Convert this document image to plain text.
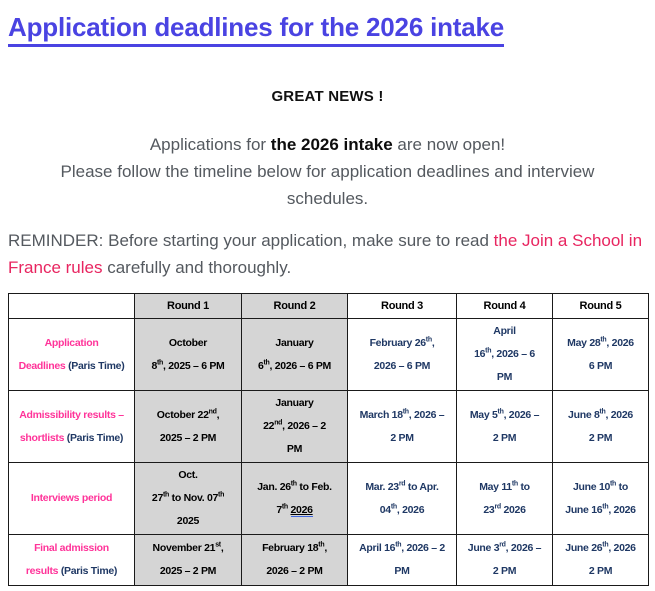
Application deadlines for the 2026 intake
GREAT NEWS !

Applications for the 2026 intake are now open!
Please follow the timeline below for application deadlines and interview schedules.

REMINDER: Before starting your application, make sure to read the Join a School in France rules carefully and thoroughly.

	Round 1	Round 2	Round 3	Round 4	Round 5

Application
Deadlines (Paris Time)	October
8th, 2025 – 6 PM	January
6th, 2026 – 6 PM	February 26th,
2026 – 6 PM	April
16th, 2026 – 6
PM	May 28th, 2026
6 PM

Admissibility results –
shortlists (Paris Time)	October 22nd,
2025 – 2 PM	January
22nd, 2026 – 2
PM	March 18th, 2026 –
2 PM	May 5th, 2026 –
2 PM	June 8th, 2026
2 PM

Interviews period	Oct.
27th to Nov. 07th
2025	Jan. 26th to Feb.
7th 2026	Mar. 23rd to Apr.
04th, 2026	May 11th to
23rd 2026	June 10th to
June 16th, 2026

Final admission
results (Paris Time)	November 21st,
2025 – 2 PM	February 18th,
2026 – 2 PM	April 16th, 2026 – 2
PM	June 3rd, 2026 –
2 PM	June 26th, 2026
2 PM
